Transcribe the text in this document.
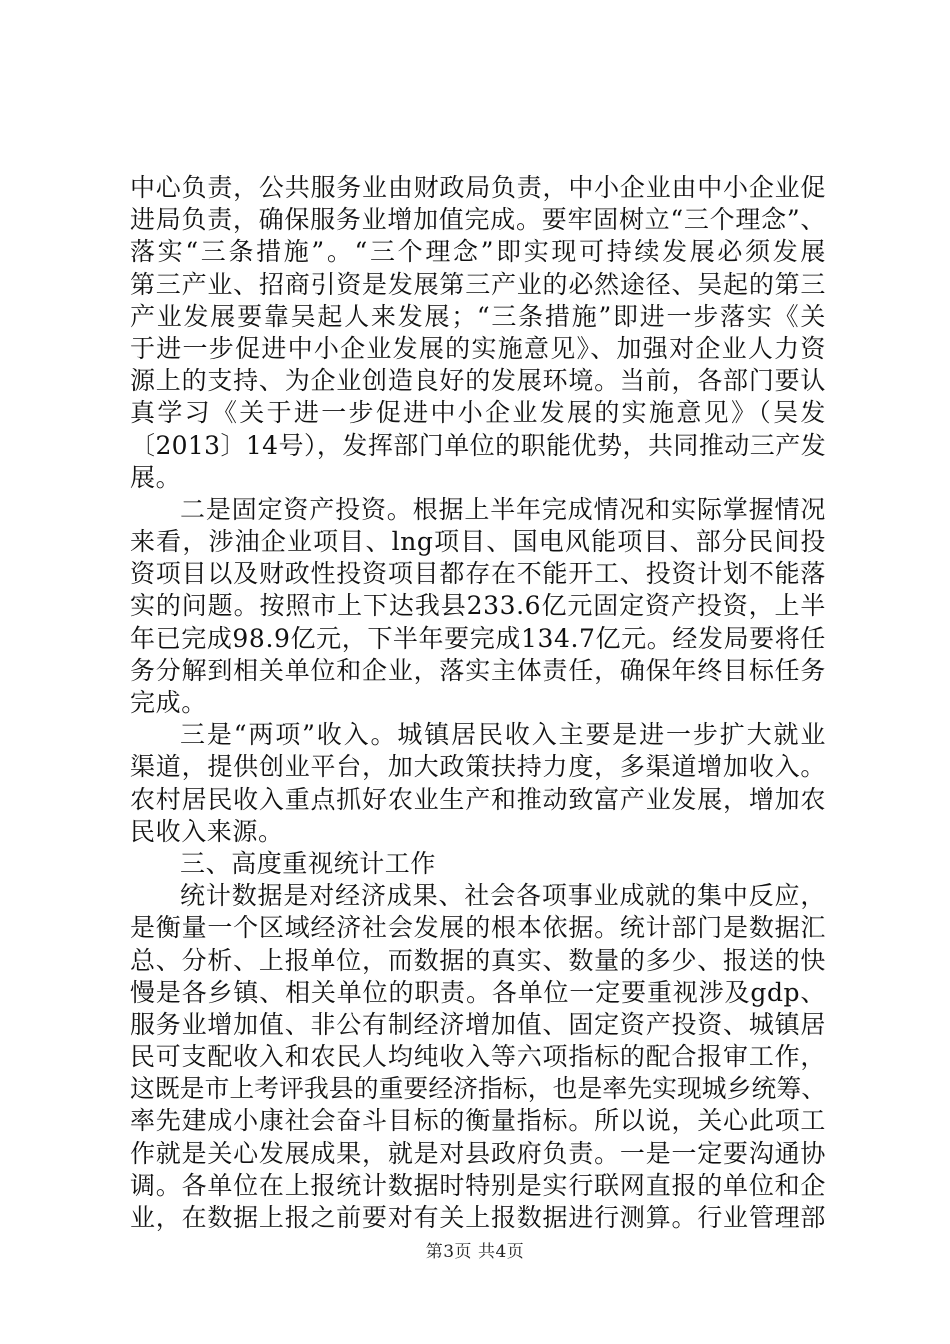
中心负责，公共服务业由财政局负责，中小企业由中小企业促
进局负责，确保服务业增加值完成。要牢固树立“三个理念”、
落实“三条措施”。“三个理念”即实现可持续发展必须发展
第三产业、招商引资是发展第三产业的必然途径、吴起的第三
产业发展要靠吴起人来发展；“三条措施”即进一步落实《关
于进一步促进中小企业发展的实施意见》、加强对企业人力资
源上的支持、为企业创造良好的发展环境。当前，各部门要认
真学习《关于进一步促进中小企业发展的实施意见》（吴发
〔2013〕14号），发挥部门单位的职能优势，共同推动三产发
展。
二是固定资产投资。根据上半年完成情况和实际掌握情况
来看，涉油企业项目、lng项目、国电风能项目、部分民间投
资项目以及财政性投资项目都存在不能开工、投资计划不能落
实的问题。按照市上下达我县233.6亿元固定资产投资，上半
年已完成98.9亿元，下半年要完成134.7亿元。经发局要将任
务分解到相关单位和企业，落实主体责任，确保年终目标任务
完成。
三是“两项”收入。城镇居民收入主要是进一步扩大就业
渠道，提供创业平台，加大政策扶持力度，多渠道增加收入。
农村居民收入重点抓好农业生产和推动致富产业发展，增加农
民收入来源。
三、高度重视统计工作
统计数据是对经济成果、社会各项事业成就的集中反应，
是衡量一个区域经济社会发展的根本依据。统计部门是数据汇
总、分析、上报单位，而数据的真实、数量的多少、报送的快
慢是各乡镇、相关单位的职责。各单位一定要重视涉及gdp、
服务业增加值、非公有制经济增加值、固定资产投资、城镇居
民可支配收入和农民人均纯收入等六项指标的配合报审工作，
这既是市上考评我县的重要经济指标，也是率先实现城乡统筹、
率先建成小康社会奋斗目标的衡量指标。所以说，关心此项工
作就是关心发展成果，就是对县政府负责。一是一定要沟通协
调。各单位在上报统计数据时特别是实行联网直报的单位和企
业，在数据上报之前要对有关上报数据进行测算。行业管理部
第3页 共4页
